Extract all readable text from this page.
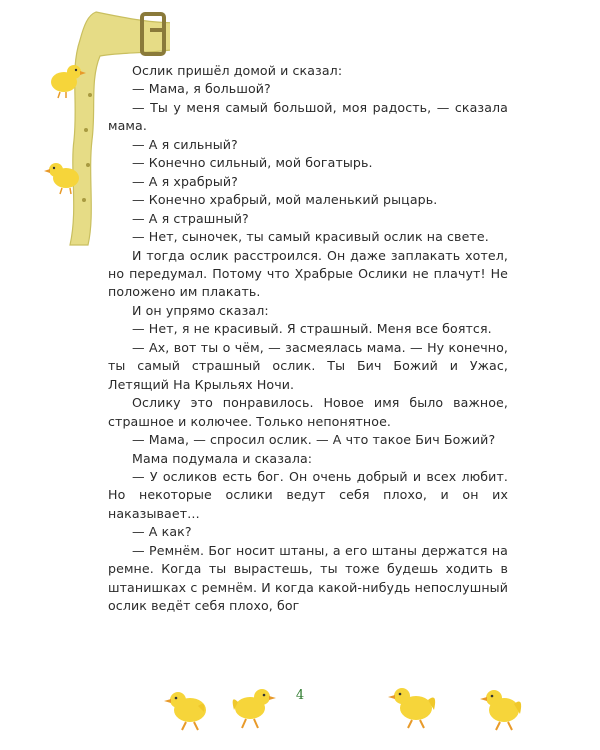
Ослик пришёл домой и сказал:

— Мама, я большой?

— Ты у меня самый большой, моя радость, — сказала мама.

— А я сильный?

— Конечно сильный, мой богатырь.

— А я храбрый?

— Конечно храбрый, мой маленький рыцарь.

— А я страшный?

— Нет, сыночек, ты самый красивый ослик на свете.

И тогда ослик расстроился. Он даже заплакать хотел, но передумал. Потому что Храбрые Ослики не плачут! Не положено им плакать.

И он упрямо сказал:

— Нет, я не красивый. Я страшный. Меня все боятся.

— Ах, вот ты о чём, — засмеялась мама. — Ну конечно, ты самый страшный ослик. Ты Бич Божий и Ужас, Летящий На Крыльях Ночи.

Ослику это понравилось. Новое имя было важное, страшное и колючее. Только непонятное.

— Мама, — спросил ослик. — А что такое Бич Божий?

Мама подумала и сказала:

— У осликов есть бог. Он очень добрый и всех любит. Но некоторые ослики ведут себя плохо, и он их наказывает…

— А как?

— Ремнём. Бог носит штаны, а его штаны держатся на ремне. Когда ты вырастешь, ты тоже будешь ходить в штанишках с ремнём. И когда какой-нибудь непослушный ослик ведёт себя плохо, бог

4
